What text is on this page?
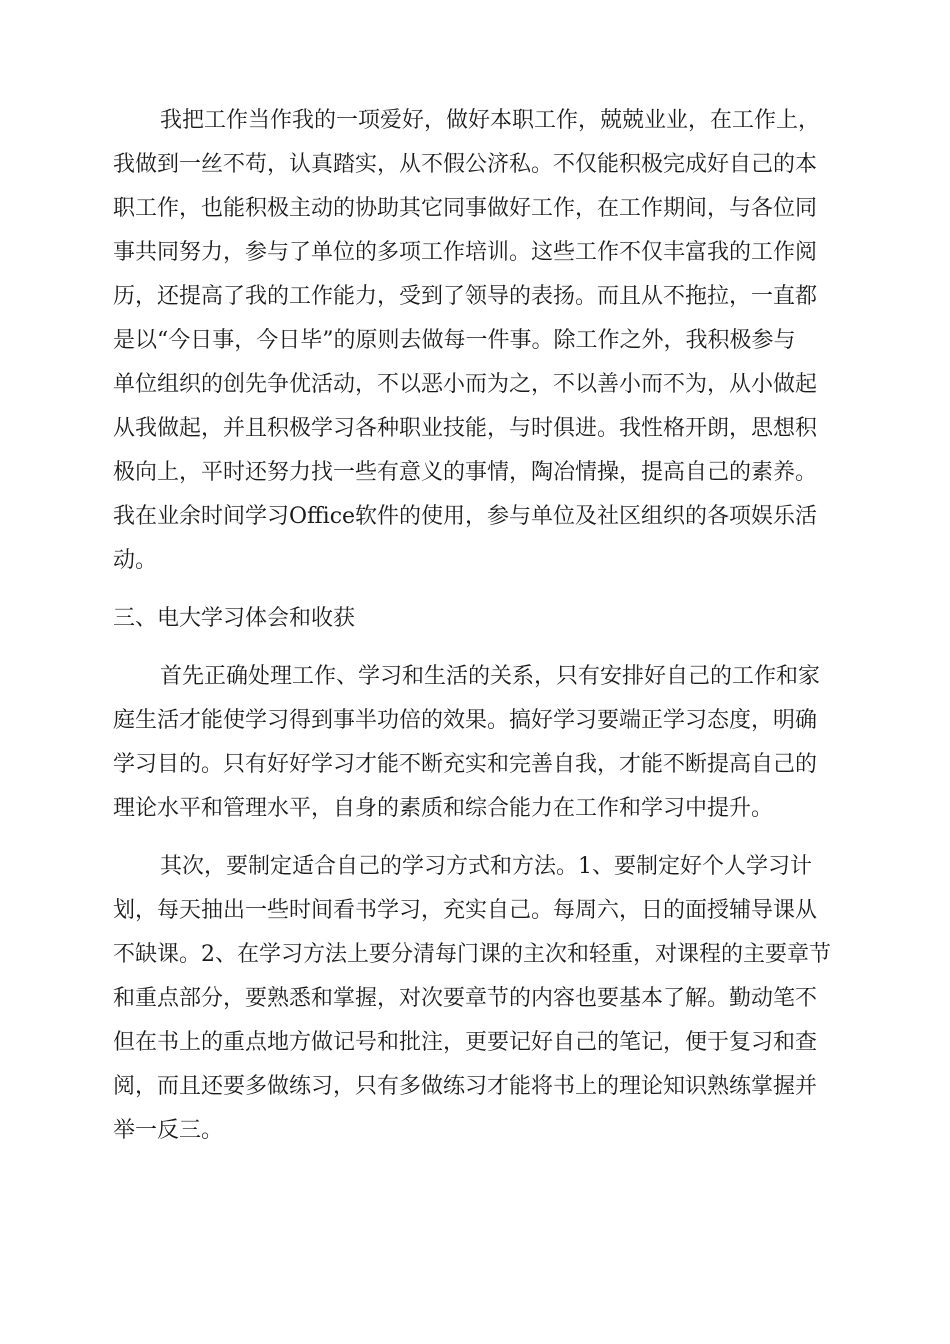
我把工作当作我的一项爱好，做好本职工作，兢兢业业，在工作上，

我做到一丝不苟，认真踏实，从不假公济私。不仅能积极完成好自己的本

职工作，也能积极主动的协助其它同事做好工作，在工作期间，与各位同

事共同努力，参与了单位的多项工作培训。这些工作不仅丰富我的工作阅

历，还提高了我的工作能力，受到了领导的表扬。而且从不拖拉，一直都

是以“今日事，今日毕”的原则去做每一件事。除工作之外，我积极参与

单位组织的创先争优活动，不以恶小而为之，不以善小而不为，从小做起

从我做起，并且积极学习各种职业技能，与时俱进。我性格开朗，思想积

极向上，平时还努力找一些有意义的事情，陶冶情操，提高自己的素养。

我在业余时间学习Office软件的使用，参与单位及社区组织的各项娱乐活

动。

三、电大学习体会和收获

首先正确处理工作、学习和生活的关系，只有安排好自己的工作和家

庭生活才能使学习得到事半功倍的效果。搞好学习要端正学习态度，明确

学习目的。只有好好学习才能不断充实和完善自我，才能不断提高自己的

理论水平和管理水平，自身的素质和综合能力在工作和学习中提升。

其次，要制定适合自己的学习方式和方法。1、要制定好个人学习计

划，每天抽出一些时间看书学习，充实自己。每周六，日的面授辅导课从

不缺课。2、在学习方法上要分清每门课的主次和轻重，对课程的主要章节

和重点部分，要熟悉和掌握，对次要章节的内容也要基本了解。勤动笔不

但在书上的重点地方做记号和批注，更要记好自己的笔记，便于复习和查

阅，而且还要多做练习，只有多做练习才能将书上的理论知识熟练掌握并

举一反三。
